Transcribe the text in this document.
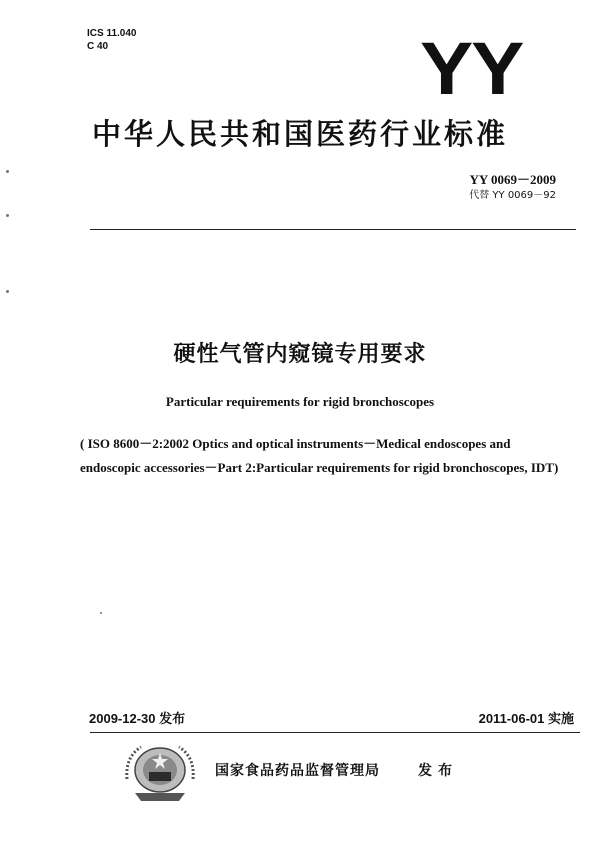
ICS 11.040
C 40	YY
中华人民共和国医药行业标准
YY 0069－2009
代替 YY 0069－92
硬性气管内窥镜专用要求
Particular requirements for rigid bronchoscopes
( ISO 8600－2:2002 Optics and optical instruments－Medical endoscopes and
endoscopic accessories－Part 2:Particular requirements for rigid bronchoscopes, IDT)
2009-12-30 发布	2011-06-01 实施
国家食品药品监督管理局	发布
